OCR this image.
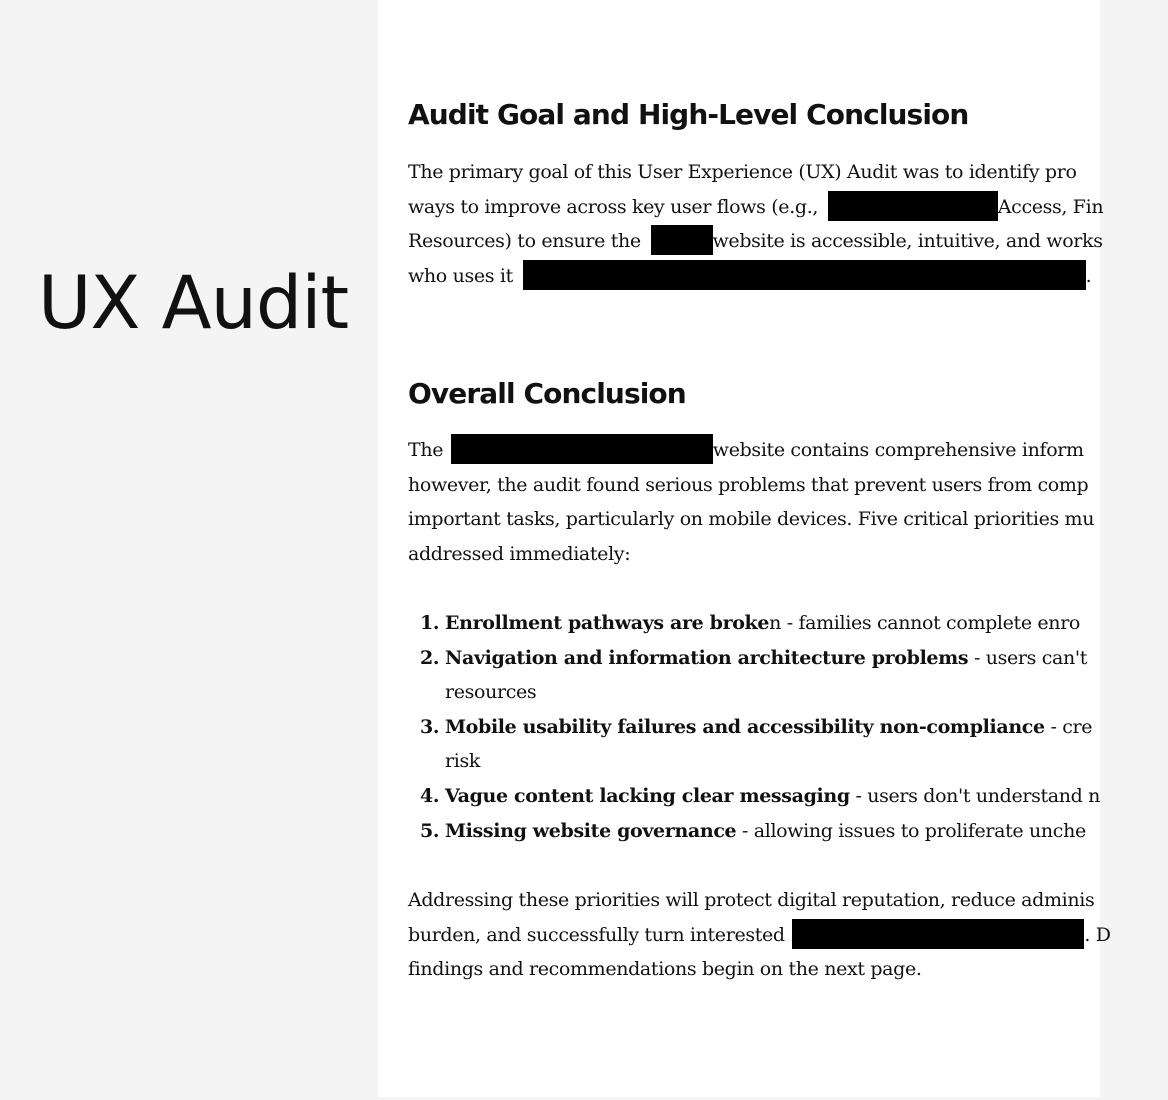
UX Audit
Audit Goal and High-Level Conclusion

The primary goal of this User Experience (UX) Audit was to identify pro
ways to improve across key user flows (e.g.,	Access, Fin
Resources) to ensure the	website is accessible, intuitive, and works
who uses it	.

Overall Conclusion

The	website contains comprehensive inform
however, the audit found serious problems that prevent users from comp
important tasks, particularly on mobile devices. Five critical priorities mu
addressed immediately:

1. Enrollment pathways are broken - families cannot complete enro
2. Navigation and information architecture problems - users can't
resources
3. Mobile usability failures and accessibility non-compliance - cre
risk
4. Vague content lacking clear messaging - users don't understand n
5. Missing website governance - allowing issues to proliferate unche

Addressing these priorities will protect digital reputation, reduce adminis
burden, and successfully turn interested	. D
findings and recommendations begin on the next page.
